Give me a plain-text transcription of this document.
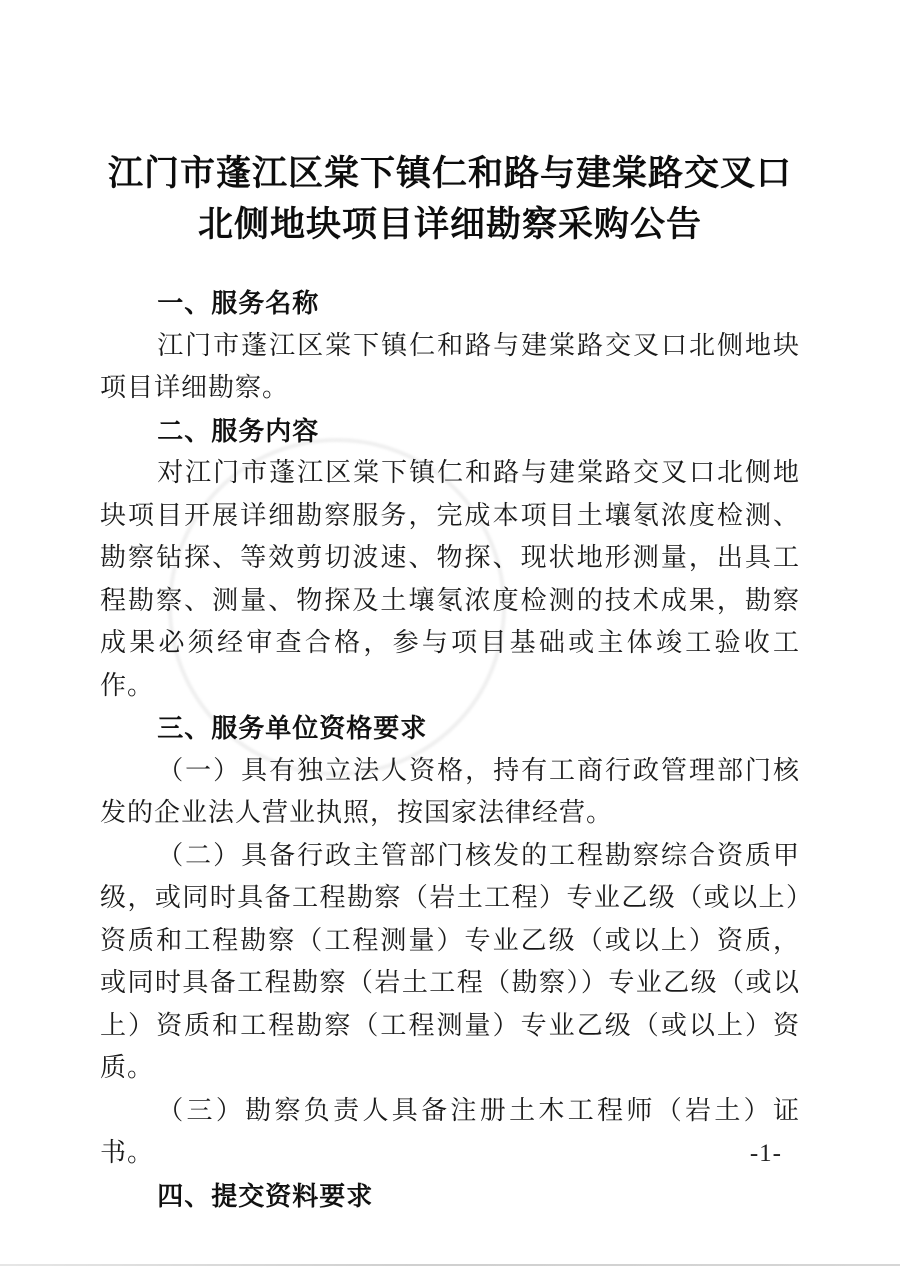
江门市蓬江区棠下镇仁和路与建棠路交叉口
北侧地块项目详细勘察采购公告
一、服务名称

江门市蓬江区棠下镇仁和路与建棠路交叉口北侧地块项目详细勘察。

二、服务内容

对江门市蓬江区棠下镇仁和路与建棠路交叉口北侧地块项目开展详细勘察服务，完成本项目土壤氡浓度检测、勘察钻探、等效剪切波速、物探、现状地形测量，出具工程勘察、测量、物探及土壤氡浓度检测的技术成果，勘察成果必须经审查合格，参与项目基础或主体竣工验收工作。

三、服务单位资格要求

（一）具有独立法人资格，持有工商行政管理部门核发的企业法人营业执照，按国家法律经营。

（二）具备行政主管部门核发的工程勘察综合资质甲级，或同时具备工程勘察（岩土工程）专业乙级（或以上）资质和工程勘察（工程测量）专业乙级（或以上）资质，或同时具备工程勘察（岩土工程（勘察））专业乙级（或以上）资质和工程勘察（工程测量）专业乙级（或以上）资质。

（三）勘察负责人具备注册土木工程师（岩土）证书。

四、提交资料要求
-1-
